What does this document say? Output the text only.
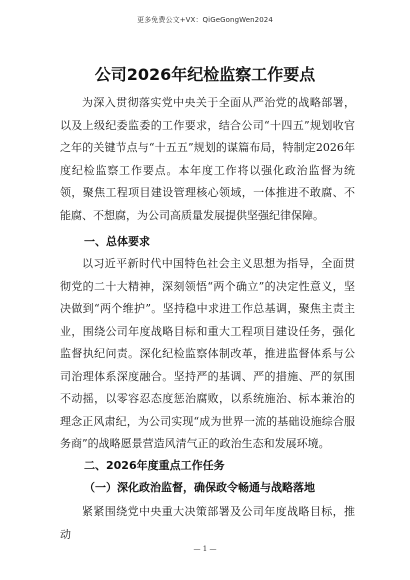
更多免费公文+VX：QiGeGongWen2024
公司2026年纪检监察工作要点

为深入贯彻落实党中央关于全面从严治党的战略部署，以及上级纪委监委的工作要求，结合公司“十四五”规划收官之年的关键节点与“十五五”规划的谋篇布局，特制定2026年度纪检监察工作要点。本年度工作将以强化政治监督为统领，聚焦工程项目建设管理核心领域，一体推进不敢腐、不能腐、不想腐，为公司高质量发展提供坚强纪律保障。

一、总体要求

以习近平新时代中国特色社会主义思想为指导，全面贯彻党的二十大精神，深刻领悟“两个确立”的决定性意义，坚决做到“两个维护”。坚持稳中求进工作总基调，聚焦主责主业，围绕公司年度战略目标和重大工程项目建设任务，强化监督执纪问责。深化纪检监察体制改革，推进监督体系与公司治理体系深度融合。坚持严的基调、严的措施、严的氛围不动摇，以零容忍态度惩治腐败，以系统施治、标本兼治的理念正风肃纪，为公司实现“成为世界一流的基础设施综合服务商”的战略愿景营造风清气正的政治生态和发展环境。

二、2026年度重点工作任务
（一）深化政治监督，确保政令畅通与战略落地

紧紧围绕党中央重大决策部署及公司年度战略目标，推动

— 1 —
